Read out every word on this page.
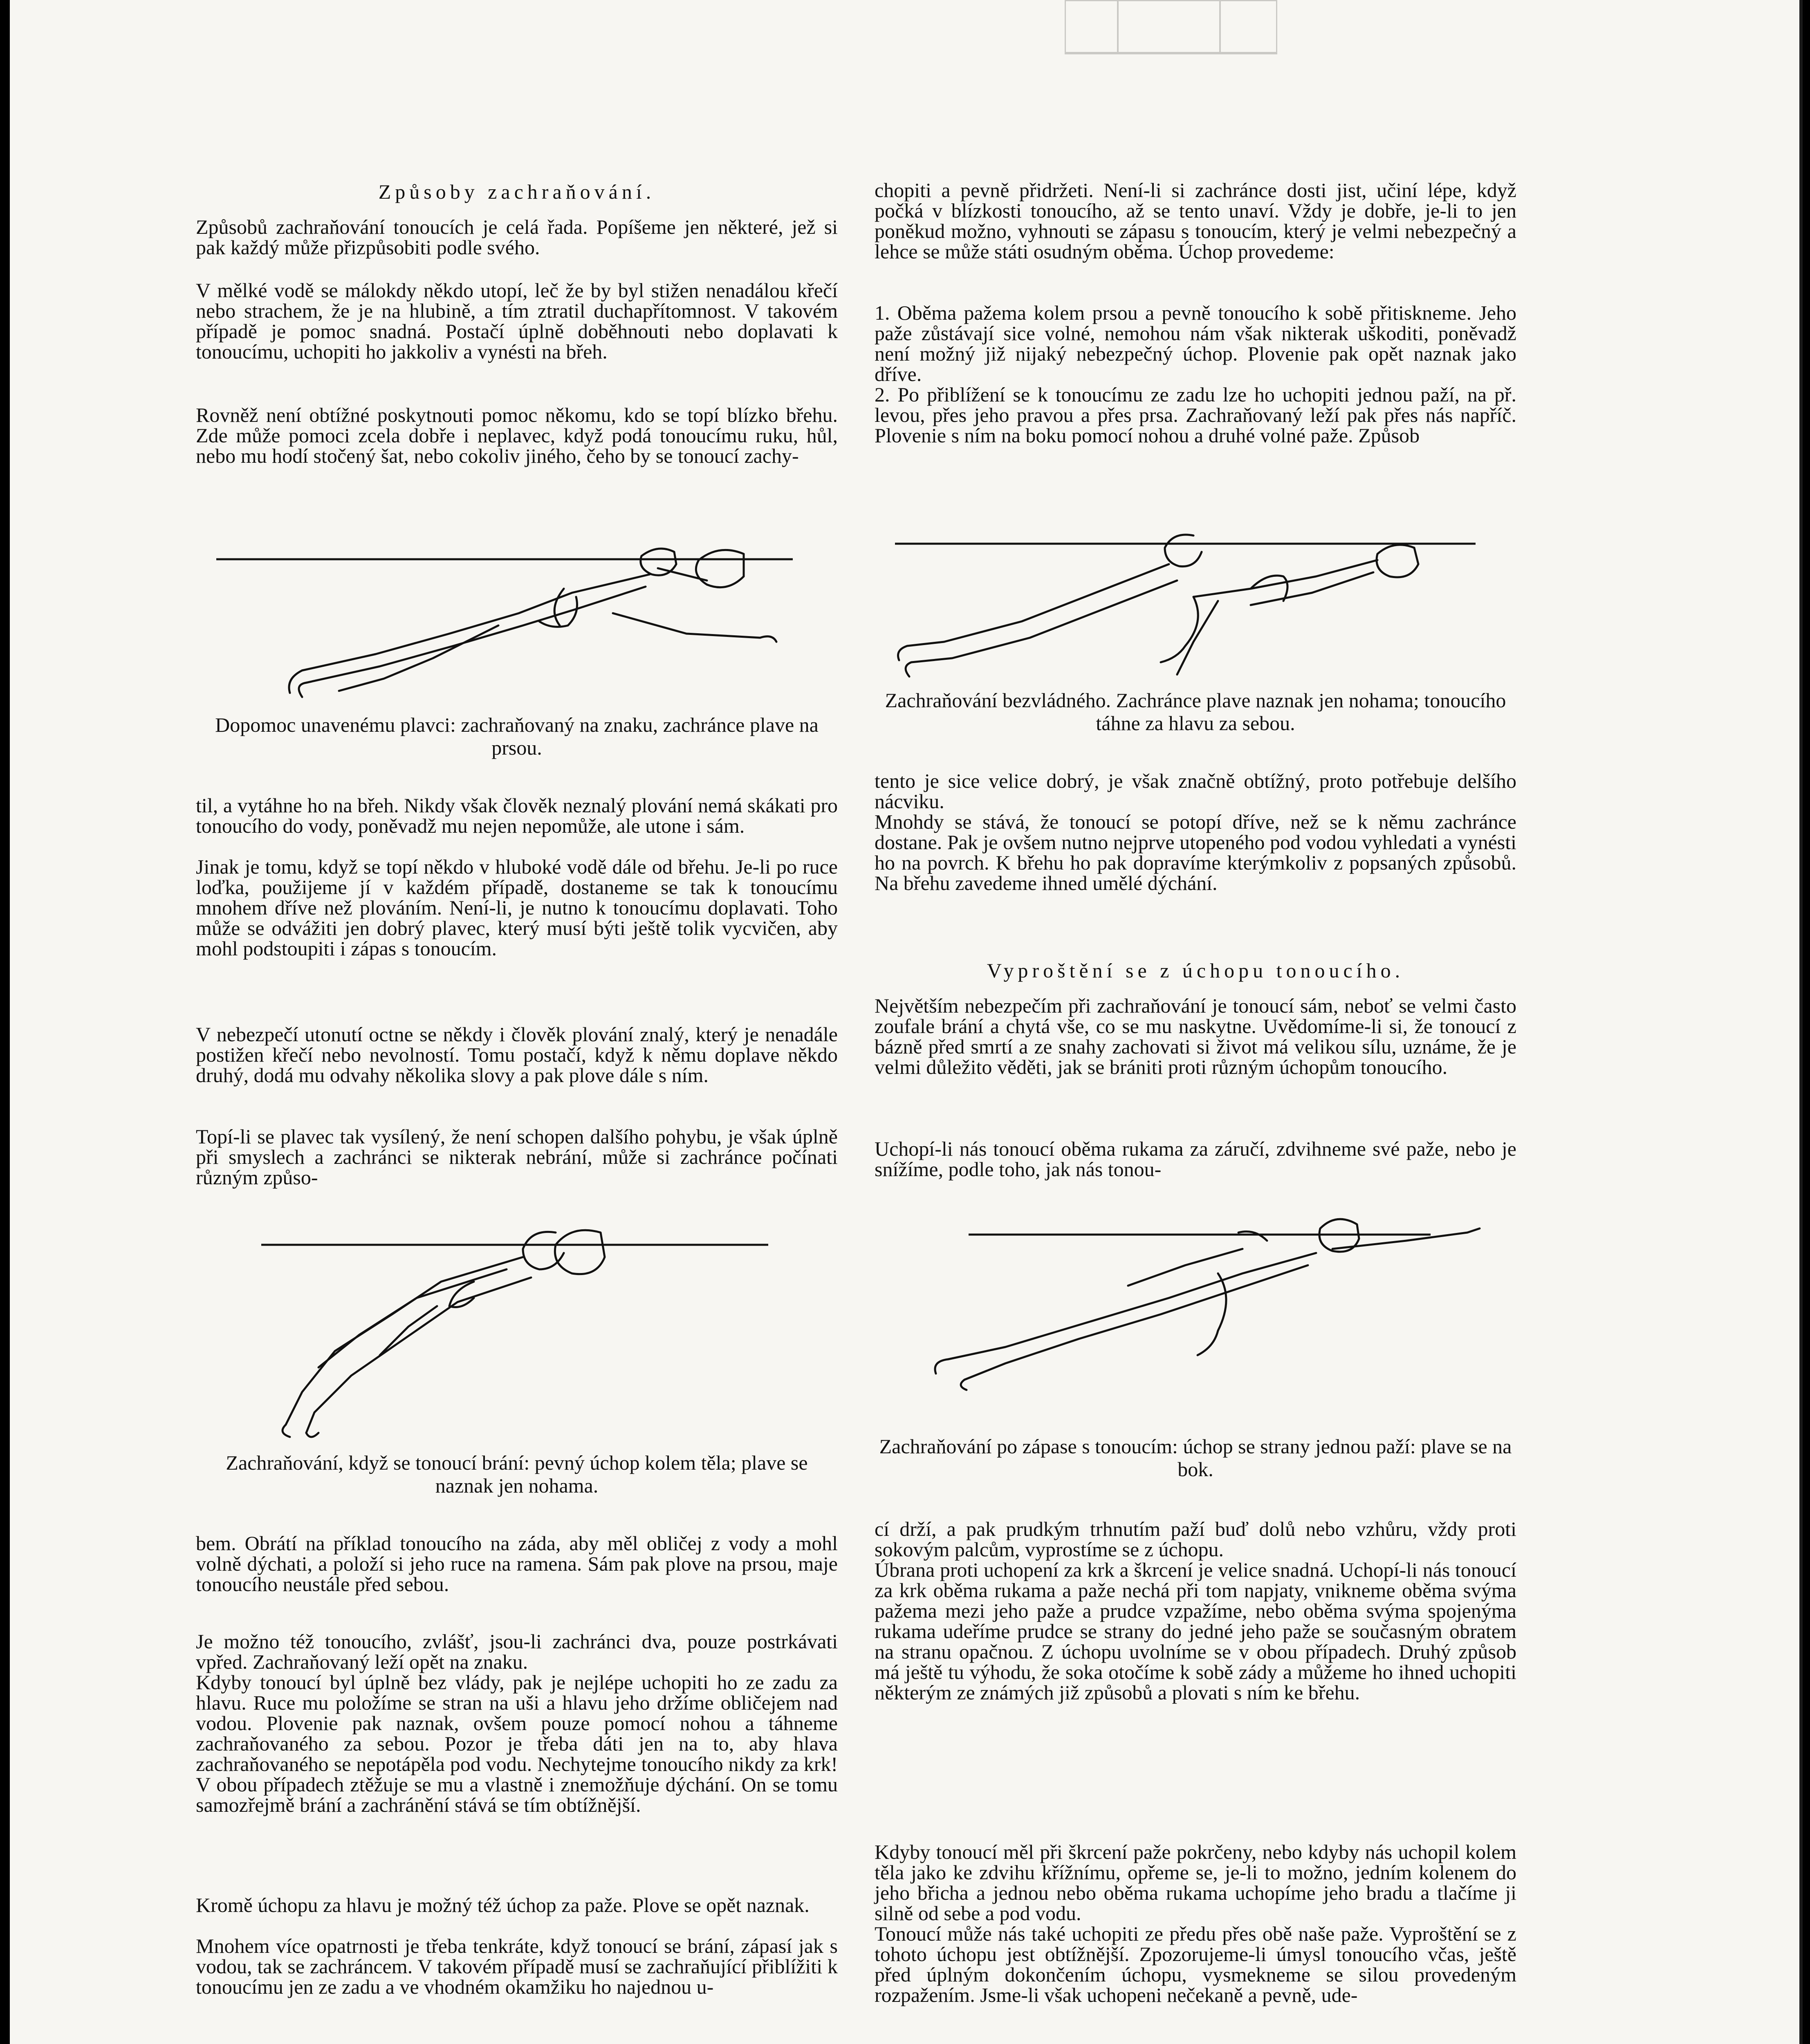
Způsoby zachraňování.

Způsobů zachraňování tonoucích je celá řada. Popíšeme jen některé, jež si pak každý může přizpůsobiti podle svého.

V mělké vodě se málokdy někdo utopí, leč že by byl stižen nenadálou křečí nebo strachem, že je na hlubině, a tím ztratil duchapřítomnost. V takovém případě je pomoc snadná. Postačí úplně doběhnouti nebo doplavati k tonoucímu, uchopiti ho jakkoliv a vynésti na břeh.

Rovněž není obtížné poskytnouti pomoc někomu, kdo se topí blízko břehu. Zde může pomoci zcela dobře i neplavec, když podá tonoucímu ruku, hůl, nebo mu hodí stočený šat, nebo cokoliv jiného, čeho by se tonoucí zachy-

Dopomoc unavenému plavci: zachraňovaný na znaku, zachránce plave na prsou.

til, a vytáhne ho na břeh. Nikdy však člověk neznalý plování nemá skákati pro tonoucího do vody, poněvadž mu nejen nepomůže, ale utone i sám.

Jinak je tomu, když se topí někdo v hluboké vodě dále od břehu. Je-li po ruce loďka, použijeme jí v každém případě, dostaneme se tak k tonoucímu mnohem dříve než plováním. Není-li, je nutno k tonoucímu doplavati. Toho může se odvážiti jen dobrý plavec, který musí býti ještě tolik vycvičen, aby mohl podstoupiti i zápas s tonoucím.

V nebezpečí utonutí octne se někdy i člověk plování znalý, který je nenadále postižen křečí nebo nevolností. Tomu postačí, když k němu doplave někdo druhý, dodá mu odvahy několika slovy a pak plove dále s ním.

Topí-li se plavec tak vysílený, že není schopen dalšího pohybu, je však úplně při smyslech a zachránci se nikterak nebrání, může si zachránce počínati různým způso-

Zachraňování, když se tonoucí brání: pevný úchop kolem těla; plave se naznak jen nohama.

bem. Obrátí na příklad tonoucího na záda, aby měl obličej z vody a mohl volně dýchati, a položí si jeho ruce na ramena. Sám pak plove na prsou, maje tonoucího neustále před sebou.

Je možno též tonoucího, zvlášť, jsou-li zachránci dva, pouze postrkávati vpřed. Zachraňovaný leží opět na znaku.

Kdyby tonoucí byl úplně bez vlády, pak je nejlépe uchopiti ho ze zadu za hlavu. Ruce mu položíme se stran na uši a hlavu jeho držíme obličejem nad vodou. Plovenie pak naznak, ovšem pouze pomocí nohou a táhneme zachraňovaného za sebou. Pozor je třeba dáti jen na to, aby hlava zachraňovaného se nepotápěla pod vodu. Nechytejme tonoucího nikdy za krk! V obou případech ztěžuje se mu a vlastně i znemožňuje dýchání. On se tomu samozřejmě brání a zachránění stává se tím obtížnější.

Kromě úchopu za hlavu je možný též úchop za paže. Plove se opět naznak.

Mnohem více opatrnosti je třeba tenkráte, když tonoucí se brání, zápasí jak s vodou, tak se zachráncem. V takovém případě musí se zachraňující přiblížiti k tonoucímu jen ze zadu a ve vhodném okamžiku ho najednou u-

chopiti a pevně přidržeti. Není-li si zachránce dosti jist, učiní lépe, když počká v blízkosti tonoucího, až se tento unaví. Vždy je dobře, je-li to jen poněkud možno, vyhnouti se zápasu s tonoucím, který je velmi nebezpečný a lehce se může státi osudným oběma. Úchop provedeme:

1. Oběma pažema kolem prsou a pevně tonoucího k sobě přitiskneme. Jeho paže zůstávají sice volné, nemohou nám však nikterak uškoditi, poněvadž není možný již nijaký nebezpečný úchop. Plovenie pak opět naznak jako dříve.

2. Po přiblížení se k tonoucímu ze zadu lze ho uchopiti jednou paží, na př. levou, přes jeho pravou a přes prsa. Zachraňovaný leží pak přes nás napříč. Plovenie s ním na boku pomocí nohou a druhé volné paže. Způsob

Zachraňování bezvládného. Zachránce plave naznak jen nohama; tonoucího táhne za hlavu za sebou.

tento je sice velice dobrý, je však značně obtížný, proto potřebuje delšího nácviku.

Mnohdy se stává, že tonoucí se potopí dříve, než se k němu zachránce dostane. Pak je ovšem nutno nejprve utopeného pod vodou vyhledati a vynésti ho na povrch. K břehu ho pak dopravíme kterýmkoliv z popsaných způsobů. Na břehu zavedeme ihned umělé dýchání.

Vyproštění se z úchopu tonoucího.

Největším nebezpečím při zachraňování je tonoucí sám, neboť se velmi často zoufale brání a chytá vše, co se mu naskytne. Uvědomíme-li si, že tonoucí z bázně před smrtí a ze snahy zachovati si život má velikou sílu, uznáme, že je velmi důležito věděti, jak se brániti proti různým úchopům tonoucího.

Uchopí-li nás tonoucí oběma rukama za záručí, zdvihneme své paže, nebo je snížíme, podle toho, jak nás tonou-

Zachraňování po zápase s tonoucím: úchop se strany jednou paží: plave se na bok.

cí drží, a pak prudkým trhnutím paží buď dolů nebo vzhůru, vždy proti sokovým palcům, vyprostíme se z úchopu.

Úbrana proti uchopení za krk a škrcení je velice snadná. Uchopí-li nás tonoucí za krk oběma rukama a paže nechá při tom napjaty, vnikneme oběma svýma pažema mezi jeho paže a prudce vzpažíme, nebo oběma svýma spojenýma rukama udeříme prudce se strany do jedné jeho paže se současným obratem na stranu opačnou. Z úchopu uvolníme se v obou případech. Druhý způsob má ještě tu výhodu, že soka otočíme k sobě zády a můžeme ho ihned uchopiti některým ze známých již způsobů a plovati s ním ke břehu.

Kdyby tonoucí měl při škrcení paže pokrčeny, nebo kdyby nás uchopil kolem těla jako ke zdvihu křížnímu, opřeme se, je-li to možno, jedním kolenem do jeho břicha a jednou nebo oběma rukama uchopíme jeho bradu a tlačíme ji silně od sebe a pod vodu.

Tonoucí může nás také uchopiti ze předu přes obě naše paže. Vyproštění se z tohoto úchopu jest obtížnější. Zpozorujeme-li úmysl tonoucího včas, ještě před úplným dokončením úchopu, vysmekneme se silou provedeným rozpažením. Jsme-li však uchopeni nečekaně a pevně, ude-
